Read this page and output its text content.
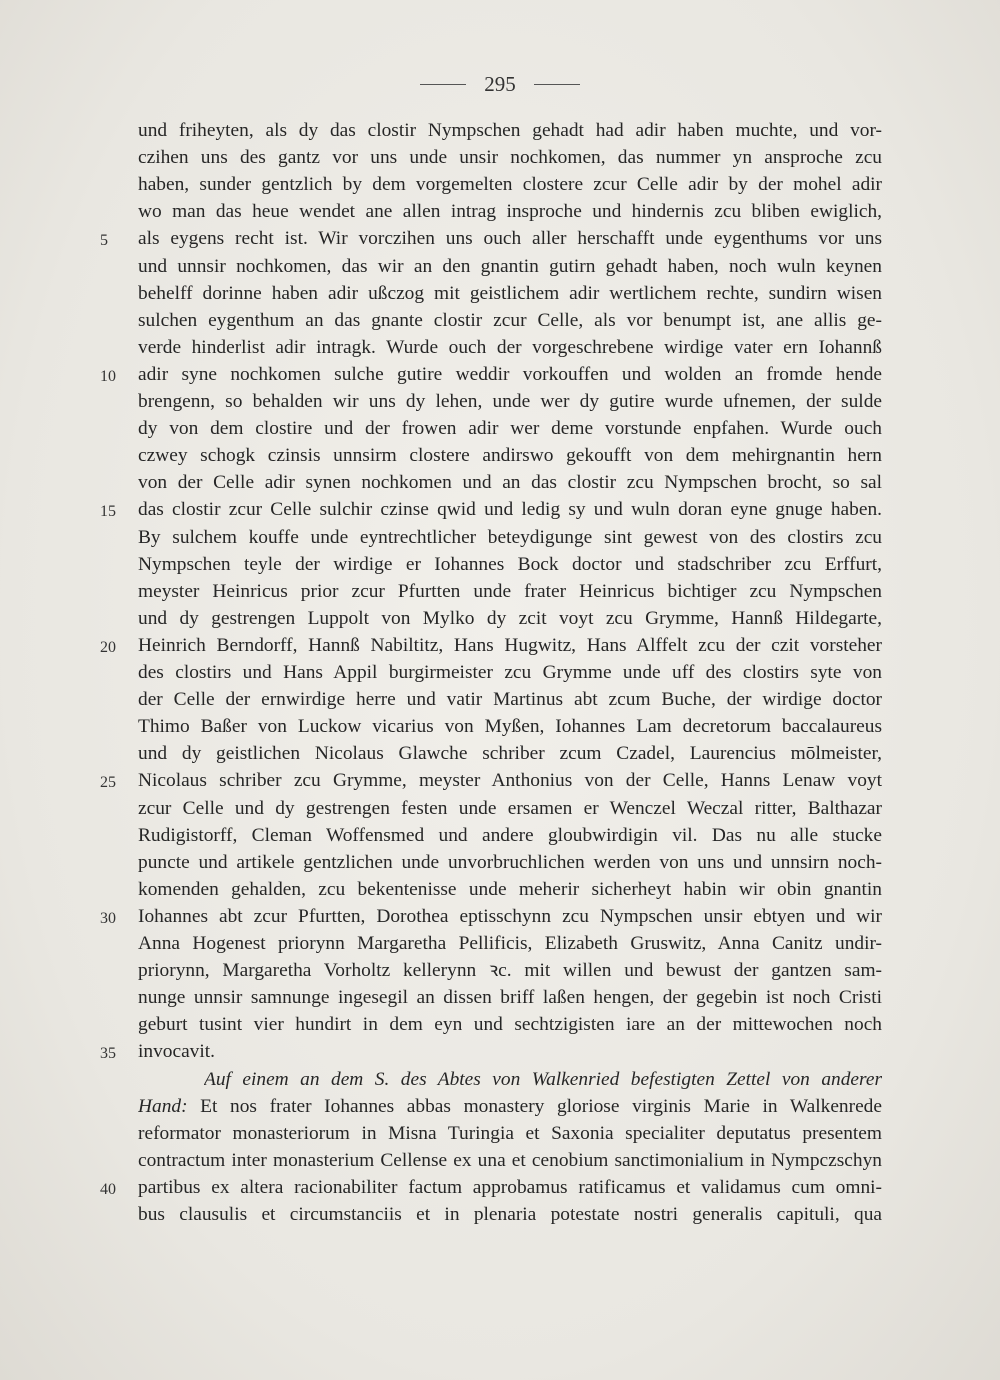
295
und friheyten, als dy das clostir Nympschen gehadt had adir haben muchte, und vor-
czihen uns des gantz vor uns unde unsir nochkomen, das nummer yn ansproche zcu
haben, sunder gentzlich by dem vorgemelten clostere zcur Celle adir by der mohel adir
wo man das heue wendet ane allen intrag insproche und hindernis zcu bliben ewiglich,
als eygens recht ist. Wir vorczihen uns ouch aller herschafft unde eygenthums vor uns
5
und unnsir nochkomen, das wir an den gnantin gutirn gehadt haben, noch wuln keynen
behelff dorinne haben adir ußczog mit geistlichem adir wertlichem rechte, sundirn wisen
sulchen eygenthum an das gnante clostir zcur Celle, als vor benumpt ist, ane allis ge-
verde hinderlist adir intragk. Wurde ouch der vorgeschrebene wirdige vater ern Iohannß
adir syne nochkomen sulche gutire weddir vorkouffen und wolden an fromde hende
10
brengenn, so behalden wir uns dy lehen, unde wer dy gutire wurde ufnemen, der sulde
dy von dem clostire und der frowen adir wer deme vorstunde enpfahen. Wurde ouch
czwey schogk czinsis unnsirm clostere andirswo gekoufft von dem mehirgnantin hern
von der Celle adir synen nochkomen und an das clostir zcu Nympschen brocht, so sal
das clostir zcur Celle sulchir czinse qwid und ledig sy und wuln doran eyne gnuge haben.
15
By sulchem kouffe unde eyntrechtlicher beteydigunge sint gewest von des clostirs zcu
Nympschen teyle der wirdige er Iohannes Bock doctor und stadschriber zcu Erffurt,
meyster Heinricus prior zcur Pfurtten unde frater Heinricus bichtiger zcu Nympschen
und dy gestrengen Luppolt von Mylko dy zcit voyt zcu Grymme, Hannß Hildegarte,
Heinrich Berndorff, Hannß Nabiltitz, Hans Hugwitz, Hans Alffelt zcu der czit vorsteher
20
des clostirs und Hans Appil burgirmeister zcu Grymme unde uff des clostirs syte von
der Celle der ernwirdige herre und vatir Martinus abt zcum Buche, der wirdige doctor
Thimo Baßer von Luckow vicarius von Myßen, Iohannes Lam decretorum baccalaureus
und dy geistlichen Nicolaus Glawche schriber zcum Czadel, Laurencius mōlmeister,
Nicolaus schriber zcu Grymme, meyster Anthonius von der Celle, Hanns Lenaw voyt
25
zcur Celle und dy gestrengen festen unde ersamen er Wenczel Weczal ritter, Balthazar
Rudigistorff, Cleman Woffensmed und andere gloubwirdigin vil. Das nu alle stucke
puncte und artikele gentzlichen unde unvorbruchlichen werden von uns und unnsirn noch-
komenden gehalden, zcu bekentenisse unde meherir sicherheyt habin wir obin gnantin
Iohannes abt zcur Pfurtten, Dorothea eptisschynn zcu Nympschen unsir ebtyen und wir
30
Anna Hogenest priorynn Margaretha Pellificis, Elizabeth Gruswitz, Anna Canitz undir-
priorynn, Margaretha Vorholtz kellerynn ꝛc. mit willen und bewust der gantzen sam-
nunge unnsir samnunge ingesegil an dissen briff laßen hengen, der gegebin ist noch Cristi
geburt tusint vier hundirt in dem eyn und sechtzigisten iare an der mittewochen noch
invocavit.
35
Auf einem an dem S. des Abtes von Walkenried befestigten Zettel von anderer
Hand: Et nos frater Iohannes abbas monastery gloriose virginis Marie in Walkenrede
reformator monasteriorum in Misna Turingia et Saxonia specialiter deputatus presentem
contractum inter monasterium Cellense ex una et cenobium sanctimonialium in Nympczschyn
partibus ex altera racionabiliter factum approbamus ratificamus et validamus cum omni-
40
bus clausulis et circumstanciis et in plenaria potestate nostri generalis capituli, qua
